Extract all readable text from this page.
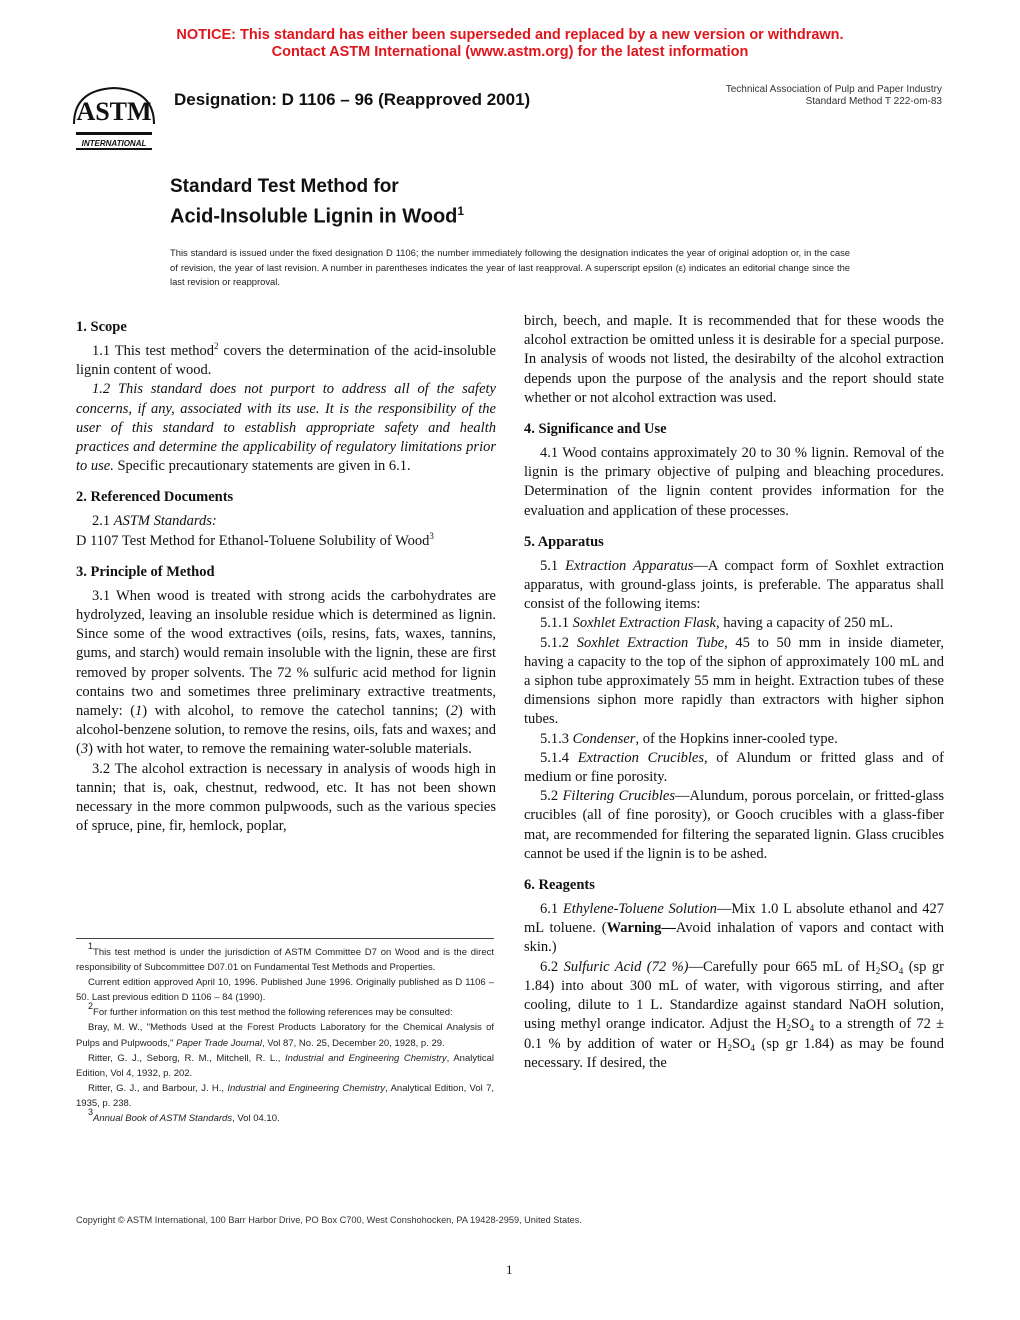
NOTICE: This standard has either been superseded and replaced by a new version or withdrawn.
Contact ASTM International (www.astm.org) for the latest information
ASTM
INTERNATIONAL
Designation: D 1106 – 96 (Reapproved 2001)
Technical Association of Pulp and Paper Industry
Standard Method T 222-om-83
Standard Test Method for
Acid-Insoluble Lignin in Wood$^1$
This standard is issued under the fixed designation D 1106; the number immediately following the designation indicates the year of original adoption or, in the case of revision, the year of last revision. A number in parentheses indicates the year of last reapproval. A superscript epsilon (ε) indicates an editorial change since the last revision or reapproval.
1. Scope

1.1 This test method$^2$ covers the determination of the acid-insoluble lignin content of wood.

1.2 This standard does not purport to address all of the safety concerns, if any, associated with its use. It is the responsibility of the user of this standard to establish appropriate safety and health practices and determine the applicability of regulatory limitations prior to use. Specific precautionary statements are given in 6.1.

2. Referenced Documents

2.1 ASTM Standards:

D 1107 Test Method for Ethanol-Toluene Solubility of Wood$^3$
3. Principle of Method

3.1 When wood is treated with strong acids the carbohydrates are hydrolyzed, leaving an insoluble residue which is determined as lignin. Since some of the wood extractives (oils, resins, fats, waxes, tannins, gums, and starch) would remain insoluble with the lignin, these are first removed by proper solvents. The 72 % sulfuric acid method for lignin contains two and sometimes three preliminary extractive treatments, namely: (1) with alcohol, to remove the catechol tannins; (2) with alcohol-benzene solution, to remove the resins, oils, fats and waxes; and (3) with hot water, to remove the remaining water-soluble materials.

3.2 The alcohol extraction is necessary in analysis of woods high in tannin; that is, oak, chestnut, redwood, etc. It has not been shown necessary in the more common pulpwoods, such as the various species of spruce, pine, fir, hemlock, poplar,

birch, beech, and maple. It is recommended that for these woods the alcohol extraction be omitted unless it is desirable for a special purpose. In analysis of woods not listed, the desirabilty of the alcohol extraction depends upon the purpose of the analysis and the report should state whether or not alcohol extraction was used.

4. Significance and Use

4.1 Wood contains approximately 20 to 30 % lignin. Removal of the lignin is the primary objective of pulping and bleaching procedures. Determination of the lignin content provides information for the evaluation and application of these processes.

5. Apparatus

5.1 Extraction Apparatus—A compact form of Soxhlet extraction apparatus, with ground-glass joints, is preferable. The apparatus shall consist of the following items:

5.1.1 Soxhlet Extraction Flask, having a capacity of 250 mL.

5.1.2 Soxhlet Extraction Tube, 45 to 50 mm in inside diameter, having a capacity to the top of the siphon of approximately 100 mL and a siphon tube approximately 55 mm in height. Extraction tubes of these dimensions siphon more rapidly than extractors with higher siphon tubes.

5.1.3 Condenser, of the Hopkins inner-cooled type.

5.1.4 Extraction Crucibles, of Alundum or fritted glass and of medium or fine porosity.

5.2 Filtering Crucibles—Alundum, porous porcelain, or fritted-glass crucibles (all of fine porosity), or Gooch crucibles with a glass-fiber mat, are recommended for filtering the separated lignin. Glass crucibles cannot be used if the lignin is to be ashed.

6. Reagents

6.1 Ethylene-Toluene Solution—Mix 1.0 L absolute ethanol and 427 mL toluene. (Warning—Avoid inhalation of vapors and contact with skin.)

6.2 Sulfuric Acid (72 %)—Carefully pour 665 mL of $H_2SO_4$ (sp gr 1.84) into about 300 mL of water, with vigorous stirring, and after cooling, dilute to 1 L. Standardize against standard NaOH solution, using methyl orange indicator. Adjust the $H_2SO_4$ to a strength of 72 ± 0.1 % by addition of water or $H_2SO_4$ (sp gr 1.84) as may be found necessary. If desired, the

$^1$This test method is under the jurisdiction of ASTM Committee D7 on Wood and is the direct responsibility of Subcommittee D07.01 on Fundamental Test Methods and Properties.
Current edition approved April 10, 1996. Published June 1996. Originally published as D 1106 – 50. Last previous edition D 1106 – 84 (1990).
$^2$For further information on this test method the following references may be consulted:
Bray, M. W., "Methods Used at the Forest Products Laboratory for the Chemical Analysis of Pulps and Pulpwoods," Paper Trade Journal, Vol 87, No. 25, December 20, 1928, p. 29.
Ritter, G. J., Seborg, R. M., Mitchell, R. L., Industrial and Engineering Chemistry, Analytical Edition, Vol 4, 1932, p. 202.
Ritter, G. J., and Barbour, J. H., Industrial and Engineering Chemistry, Analytical Edition, Vol 7, 1935, p. 238.
$^3$Annual Book of ASTM Standards, Vol 04.10.
Copyright © ASTM International, 100 Barr Harbor Drive, PO Box C700, West Conshohocken, PA 19428-2959, United States.
1
